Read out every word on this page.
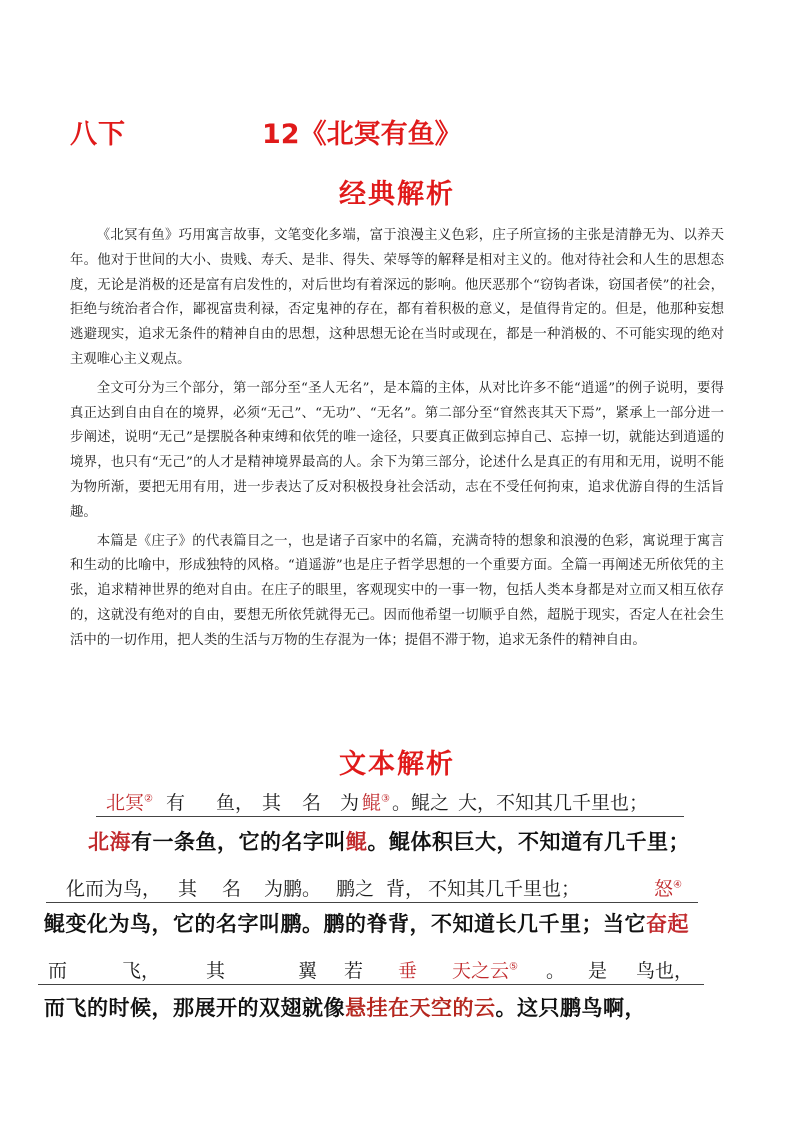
八下	12《北冥有鱼》
经典解析

《北冥有鱼》巧用寓言故事，文笔变化多端，富于浪漫主义色彩，庄子所宣扬的主张是清静无为、以养天年。他对于世间的大小、贵贱、寿夭、是非、得失、荣辱等的解释是相对主义的。他对待社会和人生的思想态度，无论是消极的还是富有启发性的，对后世均有着深远的影响。他厌恶那个“窃钩者诛，窃国者侯”的社会，拒绝与统治者合作，鄙视富贵利禄，否定鬼神的存在，都有着积极的意义，是值得肯定的。但是，他那种妄想逃避现实，追求无条件的精神自由的思想，这种思想无论在当时或现在，都是一种消极的、不可能实现的绝对主观唯心主义观点。

全文可分为三个部分，第一部分至“圣人无名”，是本篇的主体，从对比许多不能“逍遥”的例子说明，要得真正达到自由自在的境界，必须“无己”、“无功”、“无名”。第二部分至“窅然丧其天下焉”，紧承上一部分进一步阐述，说明“无己”是摆脱各种束缚和依凭的唯一途径，只要真正做到忘掉自己、忘掉一切，就能达到逍遥的境界，也只有“无己”的人才是精神境界最高的人。余下为第三部分，论述什么是真正的有用和无用，说明不能为物所渐，要把无用有用，进一步表达了反对积极投身社会活动，志在不受任何拘束，追求优游自得的生活旨趣。

本篇是《庄子》的代表篇目之一，也是诸子百家中的名篇，充满奇特的想象和浪漫的色彩，寓说理于寓言和生动的比喻中，形成独特的风格。“逍遥游”也是庄子哲学思想的一个重要方面。全篇一再阐述无所依凭的主张，追求精神世界的绝对自由。在庄子的眼里，客观现实中的一事一物，包括人类本身都是对立而又相互依存的，这就没有绝对的自由，要想无所依凭就得无己。因而他希望一切顺乎自然，超脱于现实，否定人在社会生活中的一切作用，把人类的生活与万物的生存混为一体；提倡不滞于物，追求无条件的精神自由。

文本解析
北冥② 有 鱼， 其 名 为 鲲③ 。鲲之 大，不知其几千里也；
北海有一条鱼，它的名字叫鲲。鲲体积巨大，不知道有几千里；
化而为鸟， 其 名 为鹏。 鹏之 背， 不知其几千里也；	怒④
鲲变化为鸟，它的名字叫鹏。鹏的脊背，不知道长几千里；当它奋起
而	飞， 其	翼 若 垂 天之云⑤ 。 是 鸟也，
而飞的时候，那展开的双翅就像悬挂在天空的云。这只鹏鸟啊，
